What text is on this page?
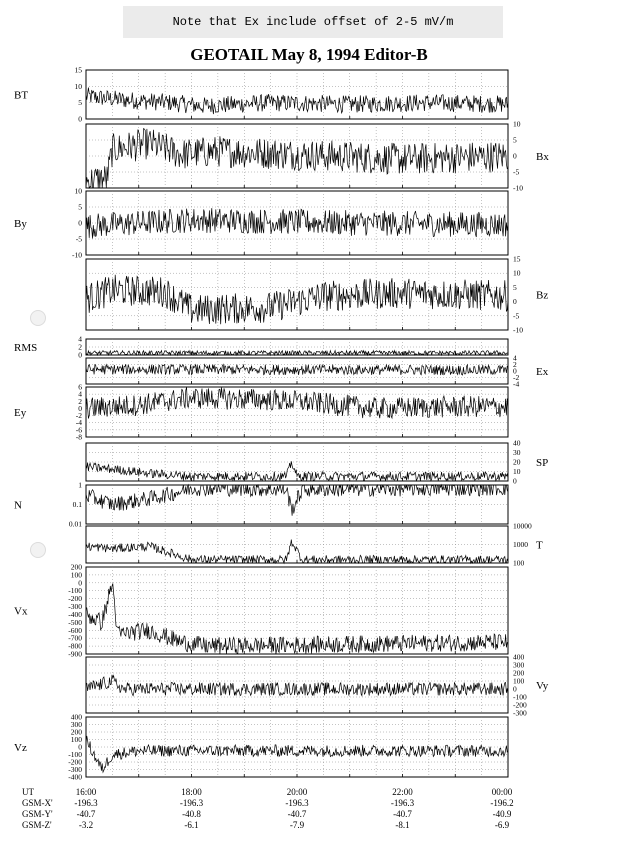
Note that Ex include offset of 2-5 mV/m
GEOTAIL May 8, 1994 Editor-B
15
10
5
0
BT
10
5
0
-5
-10
Bx
10
5
0
-5
-10
By
15
10
5
0
-5
-10
Bz
4
2
0
RMS
4
2
0
-2
-4
Ex
6
4
2
0
-2
-4
-6
-8
Ey
40
30
20
10
0
SP
1
0.1
0.01
N
10000
1000
100
T
200
100
0
-100
-200
-300
-400
-500
-600
-700
-800
-900
Vx
400
300
200
100
0
-100
-200
-300
Vy
400
300
200
100
0
-100
-200
-300
-400
Vz
UT
GSM-X'
GSM-Y'
GSM-Z'
16:00
-196.3
-40.7
-3.2
18:00
-196.3
-40.8
-6.1
20:00
-196.3
-40.7
-7.9
22:00
-196.3
-40.7
-8.1
00:00
-196.2
-40.9
-6.9
